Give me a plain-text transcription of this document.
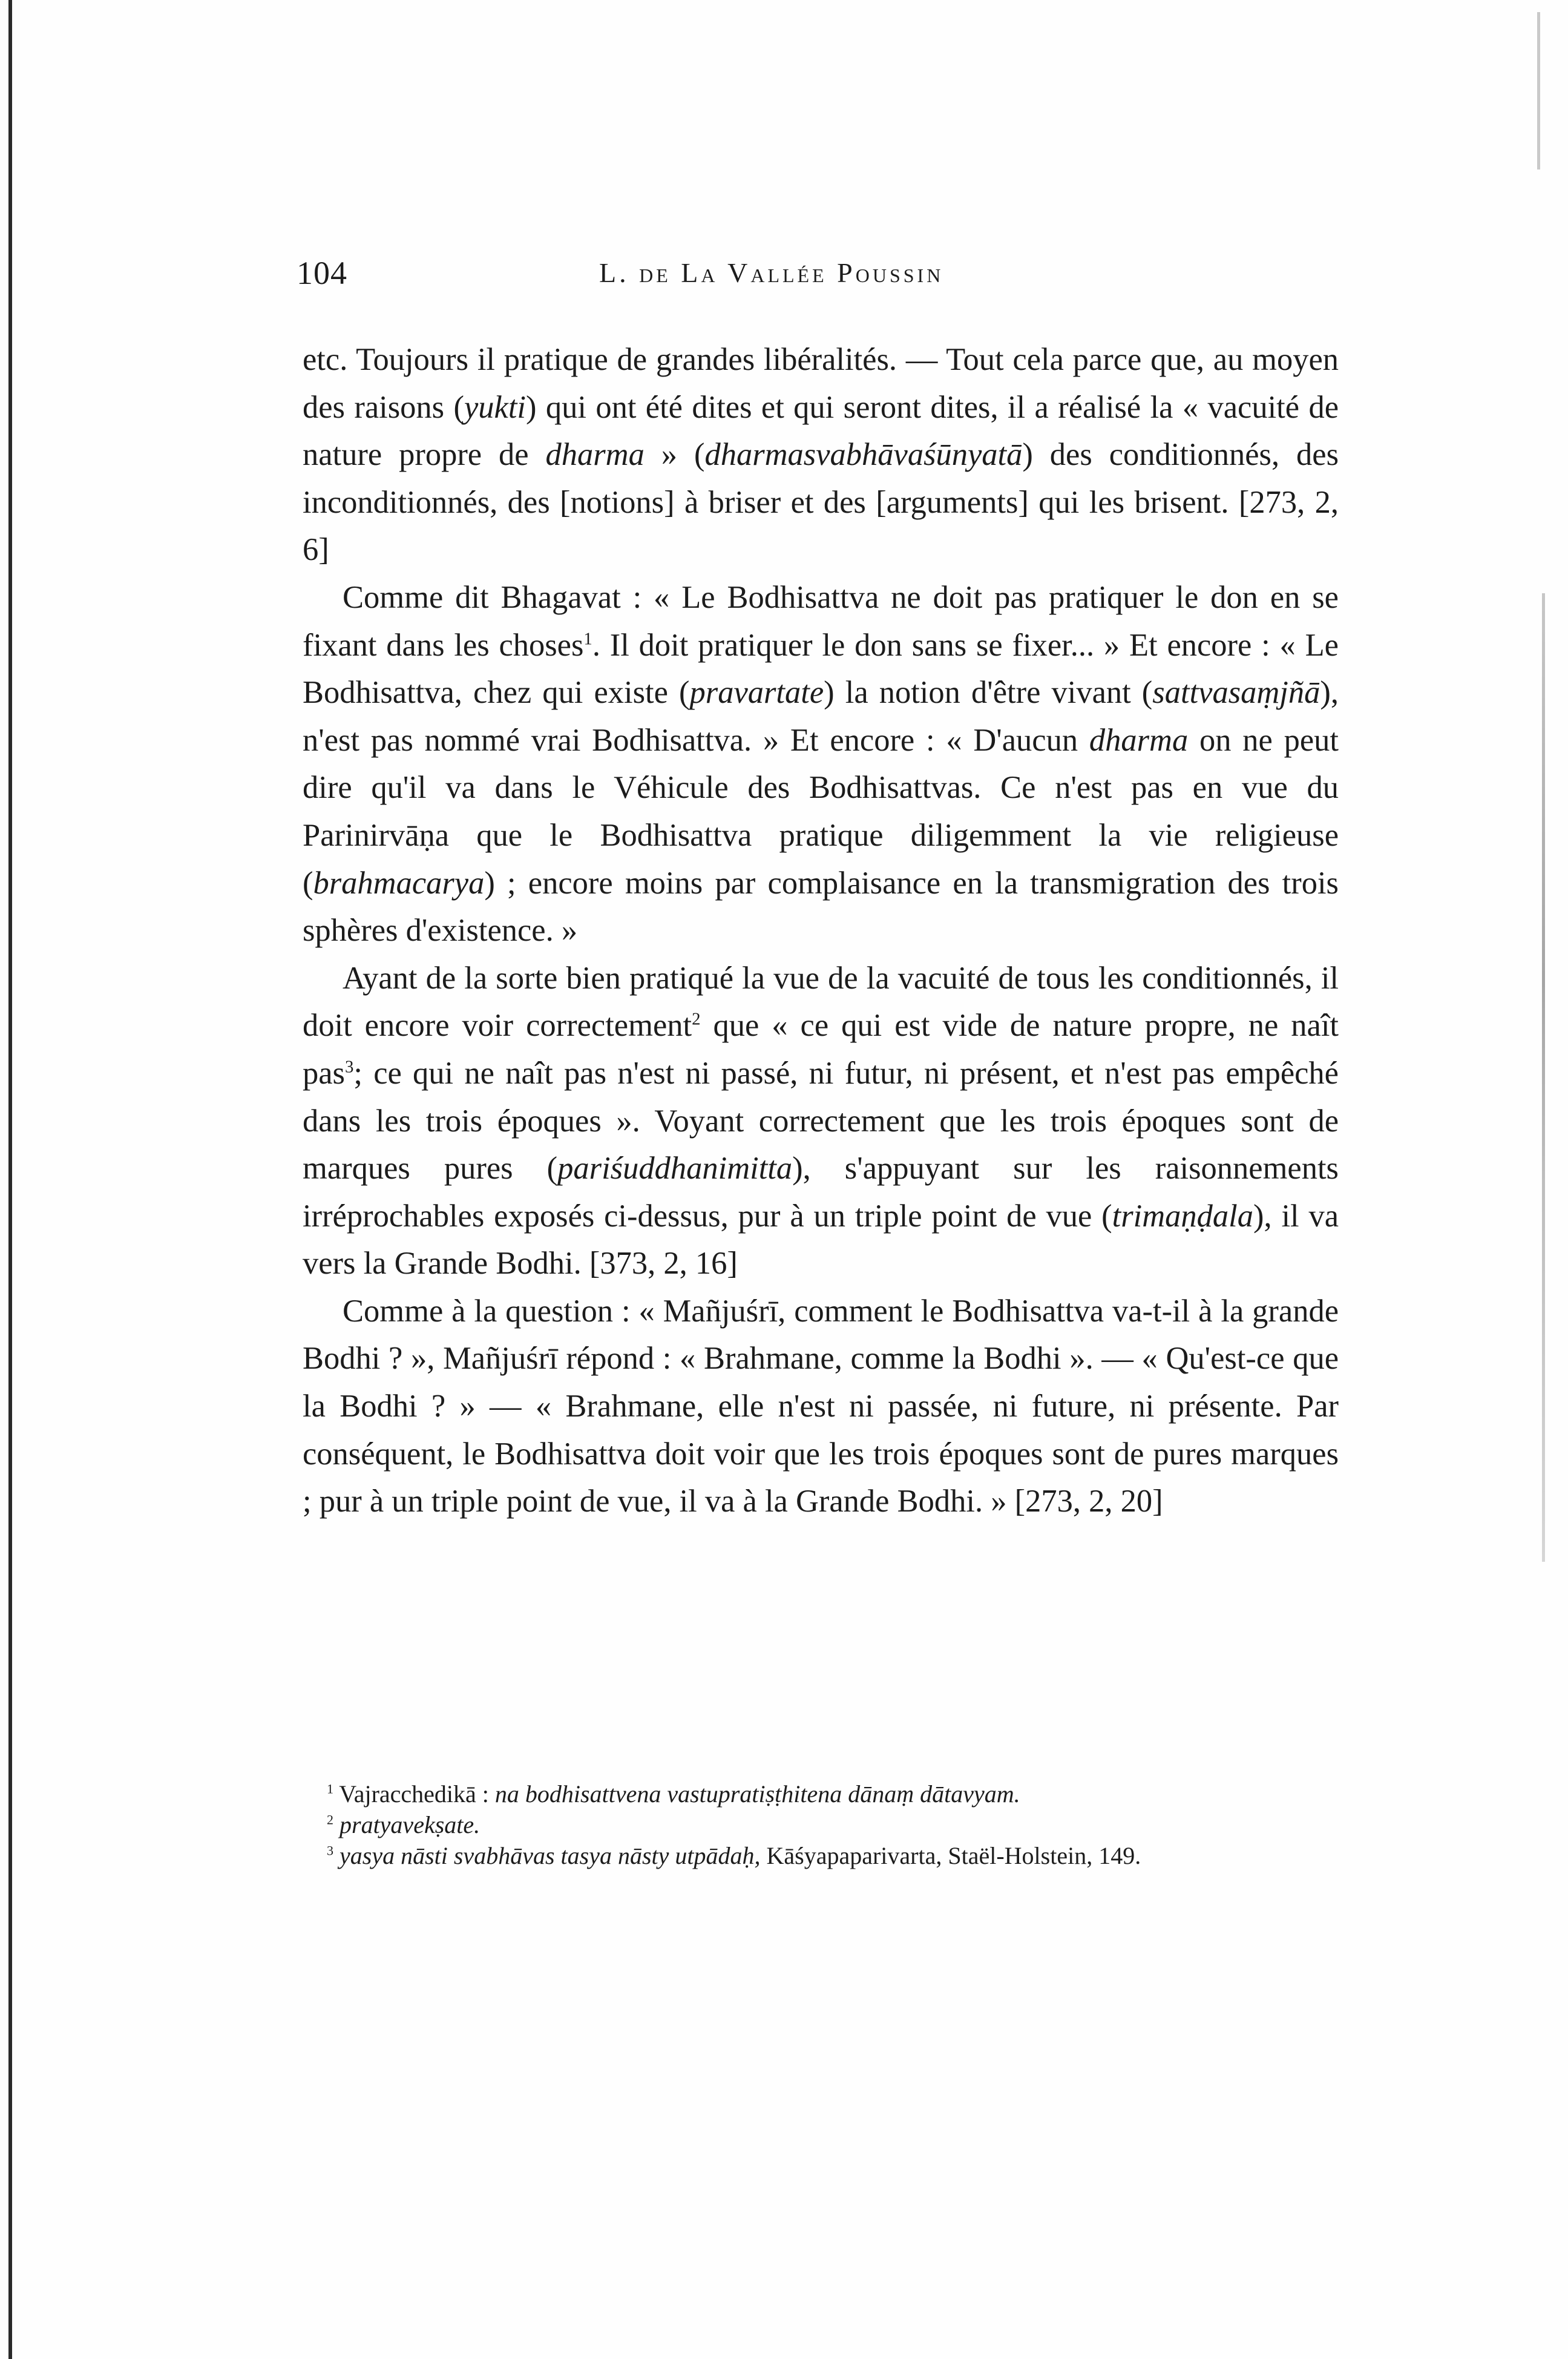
104	L. de La Vallée Poussin

etc. Toujours il pratique de grandes libéralités. — Tout cela parce que, au moyen des raisons (yukti) qui ont été dites et qui seront dites, il a réalisé la « vacuité de nature propre de dharma » (dharmasvabhāvaśūnyatā) des conditionnés, des inconditionnés, des [notions] à briser et des [arguments] qui les brisent. [273, 2, 6]

Comme dit Bhagavat : « Le Bodhisattva ne doit pas pratiquer le don en se fixant dans les choses$^1$. Il doit pratiquer le don sans se fixer... » Et encore : « Le Bodhisattva, chez qui existe (pravartate) la notion d'être vivant (sattvasaṃjñā), n'est pas nommé vrai Bodhisattva. » Et encore : « D'aucun dharma on ne peut dire qu'il va dans le Véhicule des Bodhisattvas. Ce n'est pas en vue du Parinirvāṇa que le Bodhisattva pratique diligemment la vie religieuse (brahmacarya) ; encore moins par complaisance en la transmigration des trois sphères d'existence. »

Ayant de la sorte bien pratiqué la vue de la vacuité de tous les conditionnés, il doit encore voir correctement$^2$ que « ce qui est vide de nature propre, ne naît pas$^3$; ce qui ne naît pas n'est ni passé, ni futur, ni présent, et n'est pas empêché dans les trois époques ». Voyant correctement que les trois époques sont de marques pures (pariśuddhanimitta), s'appuyant sur les raisonnements irréprochables exposés ci-dessus, pur à un triple point de vue (trimaṇḍala), il va vers la Grande Bodhi. [373, 2, 16]

Comme à la question : « Mañjuśrī, comment le Bodhisattva va-t-il à la grande Bodhi ? », Mañjuśrī répond : « Brahmane, comme la Bodhi ». — « Qu'est-ce que la Bodhi ? » — « Brahmane, elle n'est ni passée, ni future, ni présente. Par conséquent, le Bodhisattva doit voir que les trois époques sont de pures marques ; pur à un triple point de vue, il va à la Grande Bodhi. » [273, 2, 20]

$^1$ Vajracchedikā : na bodhisattvena vastupratiṣṭhitena dānaṃ dātavyam.

$^2$ pratyavekṣate.

$^3$ yasya nāsti svabhāvas tasya nāsty utpādaḥ, Kāśyapaparivarta, Staël-Holstein, 149.
